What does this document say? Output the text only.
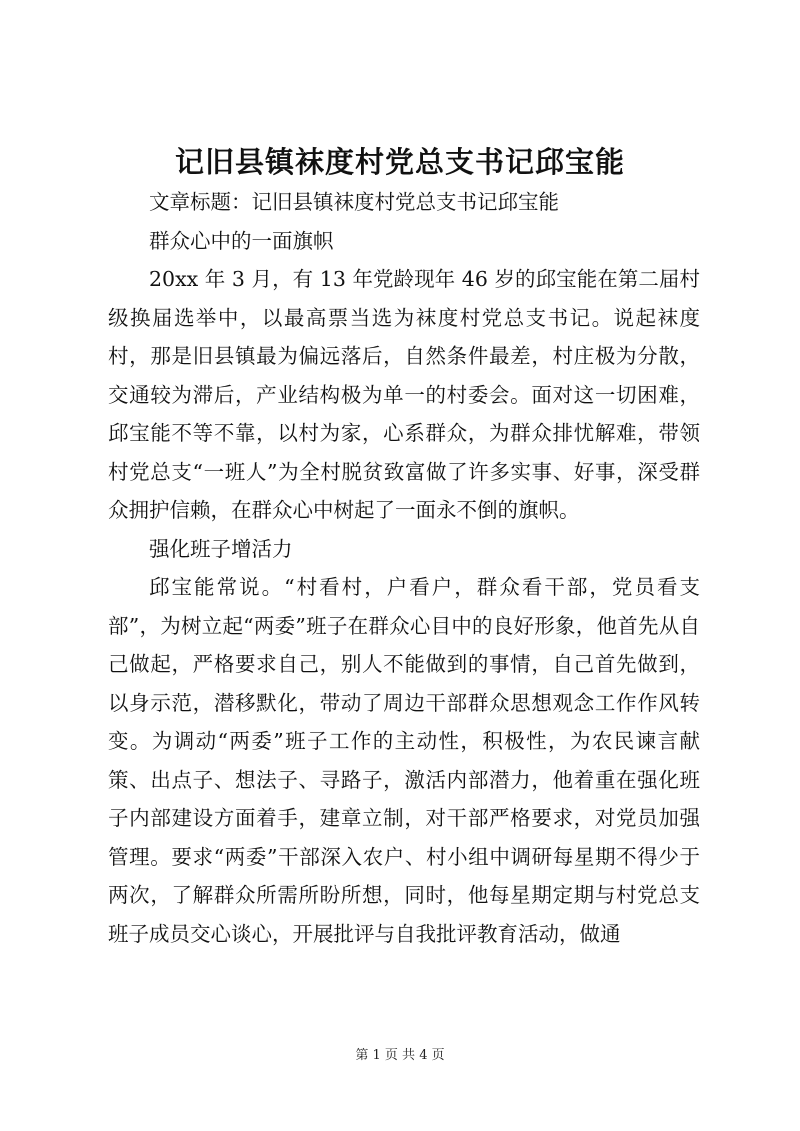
记旧县镇袜度村党总支书记邱宝能

文章标题：记旧县镇袜度村党总支书记邱宝能

群众心中的一面旗帜

20xx 年 3 月，有 13 年党龄现年 46 岁的邱宝能在第二届村级换届选举中，以最高票当选为袜度村党总支书记。说起袜度村，那是旧县镇最为偏远落后，自然条件最差，村庄极为分散，交通较为滞后，产业结构极为单一的村委会。面对这一切困难，邱宝能不等不靠，以村为家，心系群众，为群众排忧解难，带领村党总支“一班人”为全村脱贫致富做了许多实事、好事，深受群众拥护信赖，在群众心中树起了一面永不倒的旗帜。

强化班子增活力

邱宝能常说。“村看村，户看户，群众看干部，党员看支部”，为树立起“两委”班子在群众心目中的良好形象，他首先从自己做起，严格要求自己，别人不能做到的事情，自己首先做到，以身示范，潜移默化，带动了周边干部群众思想观念工作作风转变。为调动“两委”班子工作的主动性，积极性，为农民谏言献策、出点子、想法子、寻路子，激活内部潜力，他着重在强化班子内部建设方面着手，建章立制，对干部严格要求，对党员加强管理。要求“两委”干部深入农户、村小组中调研每星期不得少于两次，了解群众所需所盼所想，同时，他每星期定期与村党总支班子成员交心谈心，开展批评与自我批评教育活动，做通

第 1 页 共 4 页
